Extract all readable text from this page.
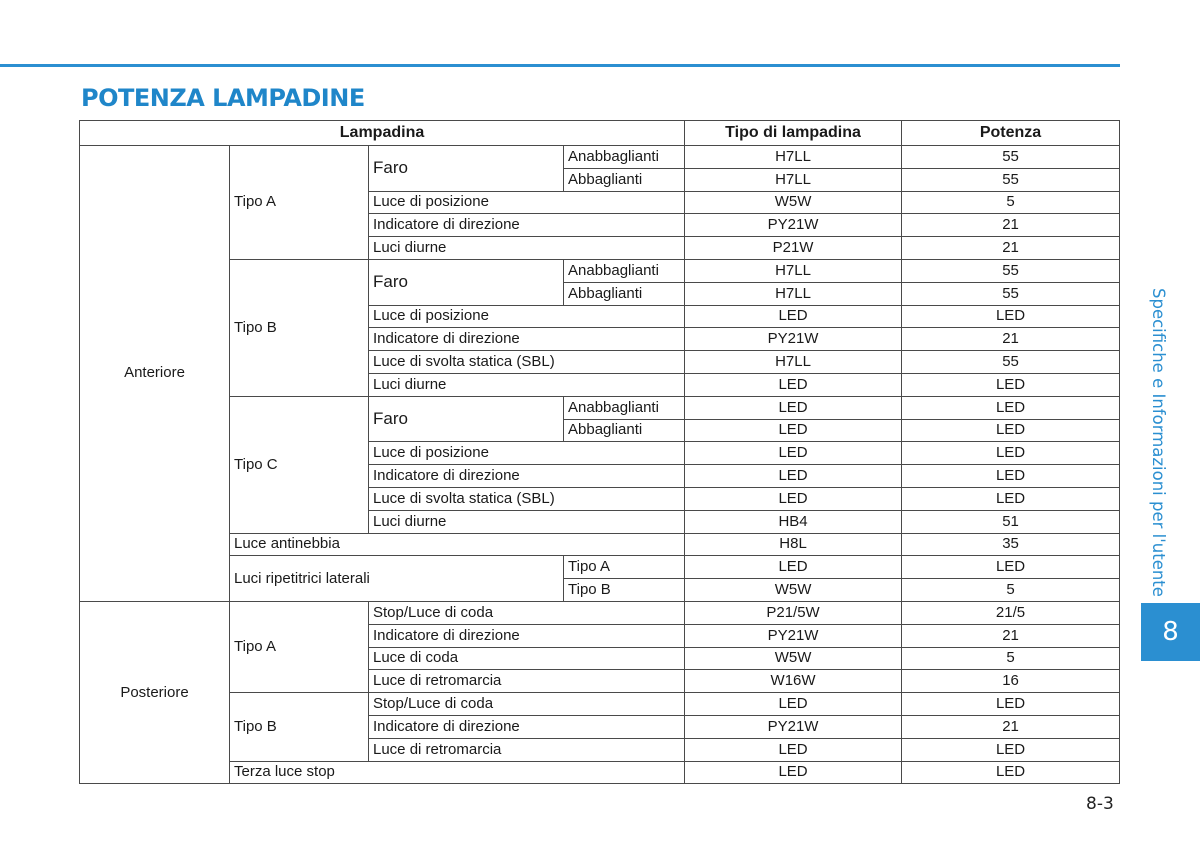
POTENZA LAMPADINE
Lampadina				Tipo di lampadina	Potenza
Anteriore	Tipo A	Faro	Anabbaglianti	H7LL	55
			Abbaglianti	H7LL	55
		Luce di posizione		W5W	5
		Indicatore di direzione		PY21W	21
		Luci diurne		P21W	21
	Tipo B	Faro	Anabbaglianti	H7LL	55
			Abbaglianti	H7LL	55
		Luce di posizione		LED	LED
		Indicatore di direzione		PY21W	21
		Luce di svolta statica (SBL)		H7LL	55
		Luci diurne		LED	LED
	Tipo C	Faro	Anabbaglianti	LED	LED
			Abbaglianti	LED	LED
		Luce di posizione		LED	LED
		Indicatore di direzione		LED	LED
		Luce di svolta statica (SBL)		LED	LED
		Luci diurne		HB4	51
	Luce antinebbia			H8L	35
	Luci ripetitrici laterali		Tipo A	LED	LED
			Tipo B	W5W	5
Posteriore	Tipo A	Stop/Luce di coda		P21/5W	21/5
		Indicatore di direzione		PY21W	21
		Luce di coda		W5W	5
		Luce di retromarcia		W16W	16
	Tipo B	Stop/Luce di coda		LED	LED
		Indicatore di direzione		PY21W	21
		Luce di retromarcia		LED	LED
	Terza luce stop			LED	LED
Specifiche e Informazioni per l'utente
8
8-3
